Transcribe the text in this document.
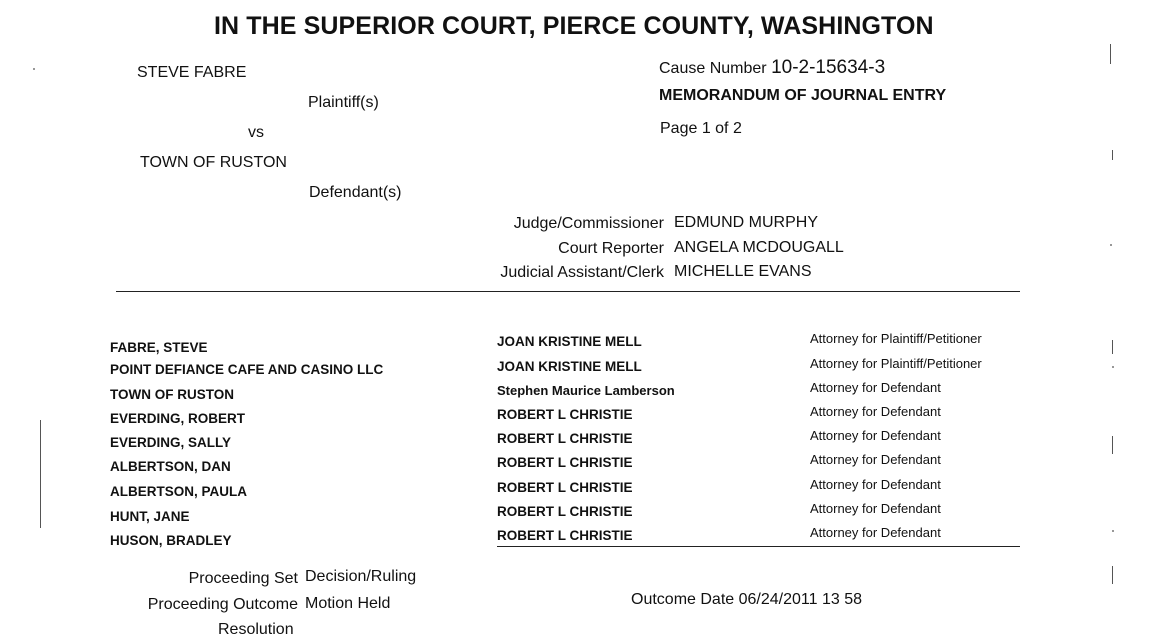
IN THE SUPERIOR COURT, PIERCE COUNTY, WASHINGTON
STEVE FABRE
Plaintiff(s)
vs
TOWN OF RUSTON
Defendant(s)
Cause Number 10-2-15634-3
MEMORANDUM OF JOURNAL ENTRY
Page 1 of 2
Judge/Commissioner EDMUND MURPHY
Court Reporter ANGELA MCDOUGALL
Judicial Assistant/Clerk MICHELLE EVANS
FABRE, STEVE	JOAN KRISTINE MELL	Attorney for Plaintiff/Petitioner
POINT DEFIANCE CAFE AND CASINO LLC	JOAN KRISTINE MELL	Attorney for Plaintiff/Petitioner
TOWN OF RUSTON	Stephen Maurice Lamberson	Attorney for Defendant
EVERDING, ROBERT	ROBERT L CHRISTIE	Attorney for Defendant
EVERDING, SALLY	ROBERT L CHRISTIE	Attorney for Defendant
ALBERTSON, DAN	ROBERT L CHRISTIE	Attorney for Defendant
ALBERTSON, PAULA	ROBERT L CHRISTIE	Attorney for Defendant
HUNT, JANE	ROBERT L CHRISTIE	Attorney for Defendant
HUSON, BRADLEY	ROBERT L CHRISTIE	Attorney for Defendant
Proceeding Set Decision/Ruling
Proceeding Outcome Motion Held
Resolution
Outcome Date 06/24/2011 13 58
